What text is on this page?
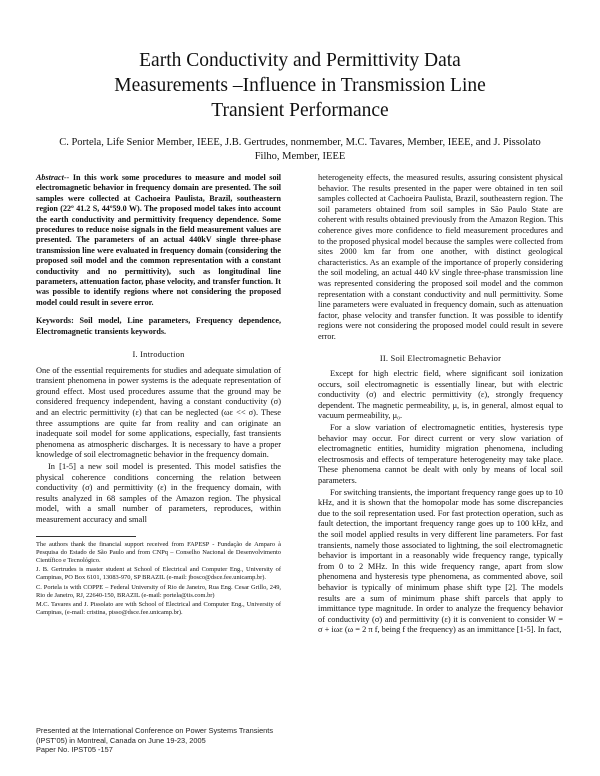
Earth Conductivity and Permittivity Data
Measurements –Influence in Transmission Line
Transient Performance
C. Portela, Life Senior Member, IEEE, J.B. Gertrudes, nonmember, M.C. Tavares, Member, IEEE, and J. Pissolato
Filho, Member, IEEE
Abstract-- In this work some procedures to measure and model soil electromagnetic behavior in frequency domain are presented. The soil samples were collected at Cachoeira Paulista, Brazil, southeastern region (22º 41.2 S, 44º59.0 W). The proposed model takes into account the earth conductivity and permittivity frequency dependence. Some procedures to reduce noise signals in the field measurement values are presented. The parameters of an actual 440kV single three-phase transmission line were evaluated in frequency domain (considering the proposed soil model and the common representation with a constant conductivity and no permittivity), such as longitudinal line parameters, attenuation factor, phase velocity, and transfer function. It was possible to identify regions where not considering the proposed model could result in severe error.
Keywords: Soil model, Line parameters, Frequency dependence, Electromagnetic transients keywords.
I. Introduction
One of the essential requirements for studies and adequate simulation of transient phenomena in power systems is the adequate representation of ground effect. Most used procedures assume that the ground may be considered frequency independent, having a constant conductivity (σ) and an electric permittivity (ε) that can be neglected (ωε << σ). These three assumptions are quite far from reality and can originate an inadequate soil model for some applications, especially, fast transients phenomena as atmospheric discharges. It is necessary to have a proper knowledge of soil electromagnetic behavior in the frequency domain.
In [1-5] a new soil model is presented. This model satisfies the physical coherence conditions concerning the relation between conductivity (σ) and permittivity (ε) in the frequency domain, with results analyzed in 68 samples of the Amazon region. The physical model, with a small number of parameters, reproduces, within measurement accuracy and small
The authors thank the financial support received from FAPESP - Fundação de Amparo à Pesquisa do Estado de São Paulo and from CNPq – Conselho Nacional de Desenvolvimento Científico e Tecnológico.
J. B. Gertrudes is master student at School of Electrical and Computer Eng., University of Campinas, PO Box 6101, 13083-970, SP BRAZIL (e-mail: jbosco@dsce.fee.unicamp.br).
C. Portela is with COPPE – Federal University of Rio de Janeiro, Rua Eng. Cesar Grillo, 249, Rio de Janeiro, RJ, 22640-150, BRAZIL (e-mail: portela@iis.com.br)
M.C. Tavares and J. Pissolato are with School of Electrical and Computer Eng., University of Campinas, (e-mail: cristina, pisso@dsce.fee.unicamp.br).
Presented at the International Conference on Power Systems Transients
(IPST’05) in Montreal, Canada on June 19-23, 2005
Paper No. IPST05 -157
heterogeneity effects, the measured results, assuring consistent physical behavior. The results presented in the paper were obtained in ten soil samples collected at Cachoeira Paulista, Brazil, southeastern region. The soil parameters obtained from soil samples in São Paulo State are coherent with results obtained previously from the Amazon Region. This coherence gives more confidence to field measurement procedures and to the proposed physical model because the samples were collected from sites 2000 km far from one another, with distinct geological characteristics. As an example of the importance of properly considering the soil modeling, an actual 440 kV single three-phase transmission line was represented considering the proposed soil model and the common representation with a constant conductivity and null permittivity. Some line parameters were evaluated in frequency domain, such as attenuation factor, phase velocity and transfer function. It was possible to identify regions were not considering the proposed model could result in severe error.
II. Soil Electromagnetic Behavior
Except for high electric field, where significant soil ionization occurs, soil electromagnetic is essentially linear, but with electric conductivity (σ) and electric permittivity (ε), strongly frequency dependent. The magnetic permeability, μ, is, in general, almost equal to vacuum permeability, μ₀.
For a slow variation of electromagnetic entities, hysteresis type behavior may occur. For direct current or very slow variation of electromagnetic entities, humidity migration phenomena, including electrosmosis and effects of temperature heterogeneity may take place. These phenomena cannot be dealt with only by means of local soil parameters.
For switching transients, the important frequency range goes up to 10 kHz, and it is shown that the homopolar mode has some discrepancies due to the soil representation used. For fast protection operation, such as fault detection, the important frequency range goes up to 100 kHz, and the soil model applied results in very different line parameters. For fast transients, namely those associated to lightning, the soil electromagnetic behavior is important in a reasonably wide frequency range, typically from 0 to 2 MHz. In this wide frequency range, apart from slow phenomena and hysteresis type phenomena, as commented above, soil behavior is typically of minimum phase shift type [2]. The models results are a sum of minimum phase shift parcels that apply to immittance type magnitude. In order to analyze the frequency behavior of conductivity (σ) and permittivity (ε) it is convenient to consider W = σ + iωε (ω = 2 π f, being f the frequency) as an immittance [1-5]. In fact,
